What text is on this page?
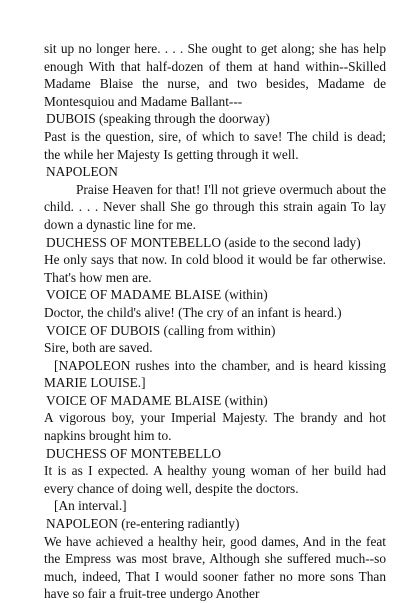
sit up no longer here. . . . She ought to get along; she has help enough With that half-dozen of them at hand within--Skilled Madame Blaise the nurse, and two besides, Madame de Montesquiou and Madame Ballant---

DUBOIS (speaking through the doorway)

Past is the question, sire, of which to save! The child is dead; the while her Majesty Is getting through it well.

NAPOLEON

Praise Heaven for that! I'll not grieve overmuch about the child. . . . Never shall She go through this strain again To lay down a dynastic line for me.

DUCHESS OF MONTEBELLO (aside to the second lady)

He only says that now. In cold blood it would be far otherwise. That's how men are.

VOICE OF MADAME BLAISE (within)

Doctor, the child's alive! (The cry of an infant is heard.)

VOICE OF DUBOIS (calling from within)

Sire, both are saved.

[NAPOLEON rushes into the chamber, and is heard kissing MARIE LOUISE.]

VOICE OF MADAME BLAISE (within)

A vigorous boy, your Imperial Majesty. The brandy and hot napkins brought him to.

DUCHESS OF MONTEBELLO

It is as I expected. A healthy young woman of her build had every chance of doing well, despite the doctors.

[An interval.]

NAPOLEON (re-entering radiantly)

We have achieved a healthy heir, good dames, And in the feat the Empress was most brave, Although she suffered much--so much, indeed, That I would sooner father no more sons Than have so fair a fruit-tree undergo Another
